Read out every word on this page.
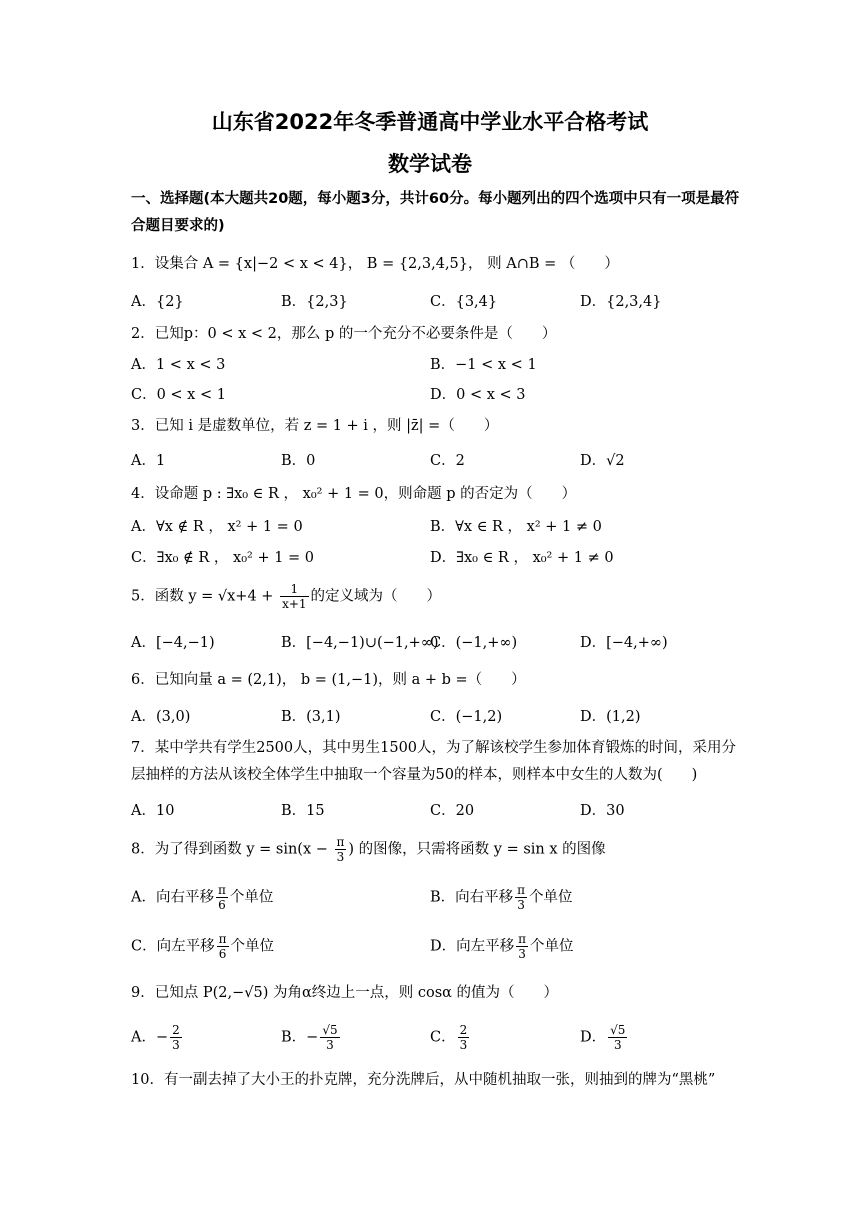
山东省2022年冬季普通高中学业水平合格考试
数学试卷
一、选择题(本大题共20题，每小题3分，共计60分。每小题列出的四个选项中只有一项是最符合题目要求的)
1．设集合 A = {x|−2 < x < 4}， B = {2,3,4,5}， 则 A∩B = （　　）
A．{2}	B．{2,3}	C．{3,4}	D．{2,3,4}
2．已知p：0 < x < 2，那么 p 的一个充分不必要条件是（　　）
A．1 < x < 3	B．−1 < x < 1
C．0 < x < 1	D．0 < x < 3
3．已知 i 是虚数单位，若 z = 1 + i ，则 |z̄| =（　　）
A．1	B．0	C．2	D．√2
4．设命题 p : ∃x₀ ∈ R ， x₀² + 1 = 0，则命题 p 的否定为（　　）
A．∀x ∉ R ， x² + 1 = 0	B．∀x ∈ R ， x² + 1 ≠ 0
C．∃x₀ ∉ R ， x₀² + 1 = 0	D．∃x₀ ∈ R ， x₀² + 1 ≠ 0
5．函数 $y = √x+4 + \frac{1}{x+1}$ 的定义域为（　　）
A．[−4,−1)	B．[−4,−1)∪(−1,+∞)
C．(−1,+∞)	D．[−4,+∞)
6．已知向量 a = (2,1)， b = (1,−1)，则 a + b =（　　）
A．(3,0)	B．(3,1)	C．(−1,2)	D．(1,2)
7．某中学共有学生2500人，其中男生1500人，为了解该校学生参加体育锻炼的时间，采用分层抽样的方法从该校全体学生中抽取一个容量为50的样本，则样本中女生的人数为(　　)
A．10	B．15	C．20	D．30
8．为了得到函数 $y = \sin(x - \frac{\pi}{3}$ ) 的图像，只需将函数 y = sin x 的图像
A．向右平移 $\frac{\pi}{6}$ 个单位	B．向右平移 $\frac{\pi}{3}$ 个单位
C．向左平移 $\frac{\pi}{6}$ 个单位	D．向左平移 $\frac{\pi}{3}$ 个单位
9．已知点 P(2,−√5) 为角α终边上一点，则 cosα 的值为（　　）
A．− $\frac{2}{3}$	B．− $\frac{√5}{3}$	C． $\frac{2}{3}$	D． $\frac{√5}{3}$
10．有一副去掉了大小王的扑克牌，充分洗牌后，从中随机抽取一张，则抽到的牌为“黑桃”
